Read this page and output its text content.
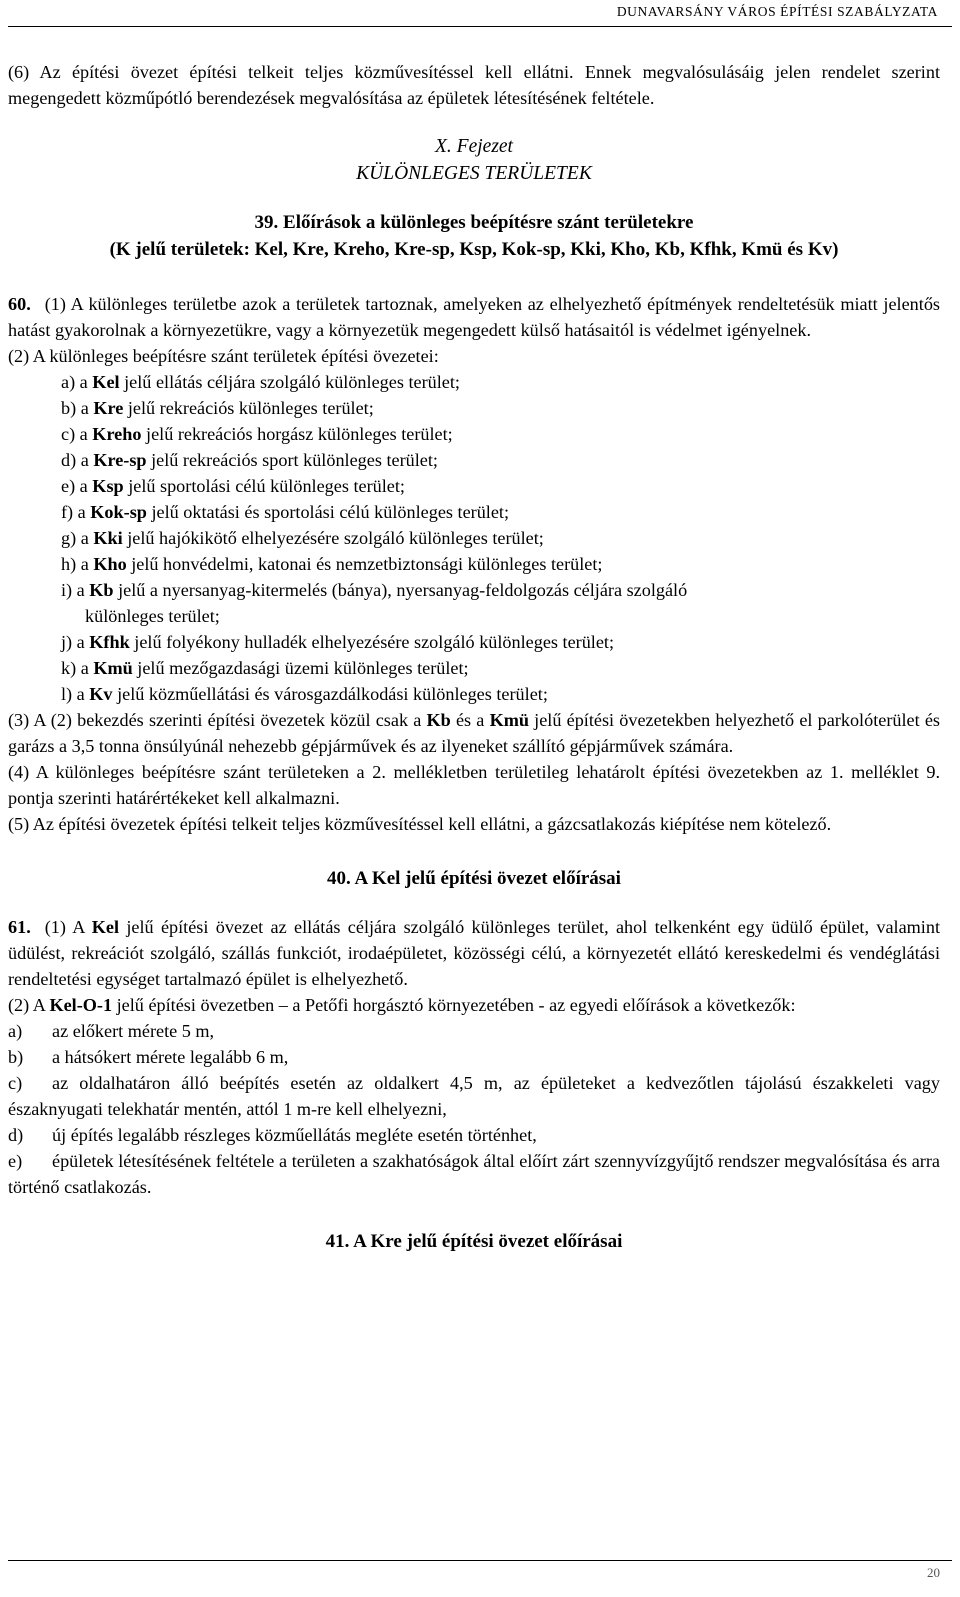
DUNAVARSÁNY VÁROS ÉPÍTÉSI SZABÁLYZATA

(6) Az építési övezet építési telkeit teljes közművesítéssel kell ellátni. Ennek megvalósulásáig jelen rendelet szerint megengedett közműpótló berendezések megvalósítása az épületek létesítésének feltétele.

X. Fejezet
KÜLÖNLEGES TERÜLETEK
39. Előírások a különleges beépítésre szánt területekre
(K jelű területek: Kel, Kre, Kreho, Kre-sp, Ksp, Kok-sp, Kki, Kho, Kb, Kfhk, Kmü és Kv)

60. (1) A különleges területbe azok a területek tartoznak, amelyeken az elhelyezhető építmények rendeltetésük miatt jelentős hatást gyakorolnak a környezetükre, vagy a környezetük megengedett külső hatásaitól is védelmet igényelnek.

(2) A különleges beépítésre szánt területek építési övezetei:

a) a Kel jelű ellátás céljára szolgáló különleges terület;
b) a Kre jelű rekreációs különleges terület;
c) a Kreho jelű rekreációs horgász különleges terület;
d) a Kre-sp jelű rekreációs sport különleges terület;
e) a Ksp jelű sportolási célú különleges terület;
f) a Kok-sp jelű oktatási és sportolási célú különleges terület;
g) a Kki jelű hajókikötő elhelyezésére szolgáló különleges terület;
h) a Kho jelű honvédelmi, katonai és nemzetbiztonsági különleges terület;
i) a Kb jelű a nyersanyag-kitermelés (bánya), nyersanyag-feldolgozás céljára szolgáló
különleges terület;
j) a Kfhk jelű folyékony hulladék elhelyezésére szolgáló különleges terület;
k) a Kmü jelű mezőgazdasági üzemi különleges terület;
l) a Kv jelű közműellátási és városgazdálkodási különleges terület;

(3) A (2) bekezdés szerinti építési övezetek közül csak a Kb és a Kmü jelű építési övezetekben helyezhető el parkolóterület és garázs a 3,5 tonna önsúlyúnál nehezebb gépjárművek és az ilyeneket szállító gépjárművek számára.

(4) A különleges beépítésre szánt területeken a 2. mellékletben területileg lehatárolt építési övezetekben az 1. melléklet 9. pontja szerinti határértékeket kell alkalmazni.

(5) Az építési övezetek építési telkeit teljes közművesítéssel kell ellátni, a gázcsatlakozás kiépítése nem kötelező.

40. A Kel jelű építési övezet előírásai

61. (1) A Kel jelű építési övezet az ellátás céljára szolgáló különleges terület, ahol telkenként egy üdülő épület, valamint üdülést, rekreációt szolgáló, szállás funkciót, irodaépületet, közösségi célú, a környezetét ellátó kereskedelmi és vendéglátási rendeltetési egységet tartalmazó épület is elhelyezhető.

(2) A Kel-O-1 jelű építési övezetben – a Petőfi horgásztó környezetében - az egyedi előírások a következők:

a)	az előkert mérete 5 m,
b)	a hátsókert mérete legalább 6 m,

c) az oldalhatáron álló beépítés esetén az oldalkert 4,5 m, az épületeket a kedvezőtlen tájolású északkeleti vagy északnyugati telekhatár mentén, attól 1 m-re kell elhelyezni,

d)	új építés legalább részleges közműellátás megléte esetén történhet,

e) épületek létesítésének feltétele a területen a szakhatóságok által előírt zárt szennyvízgyűjtő rendszer megvalósítása és arra történő csatlakozás.

41. A Kre jelű építési övezet előírásai
20
